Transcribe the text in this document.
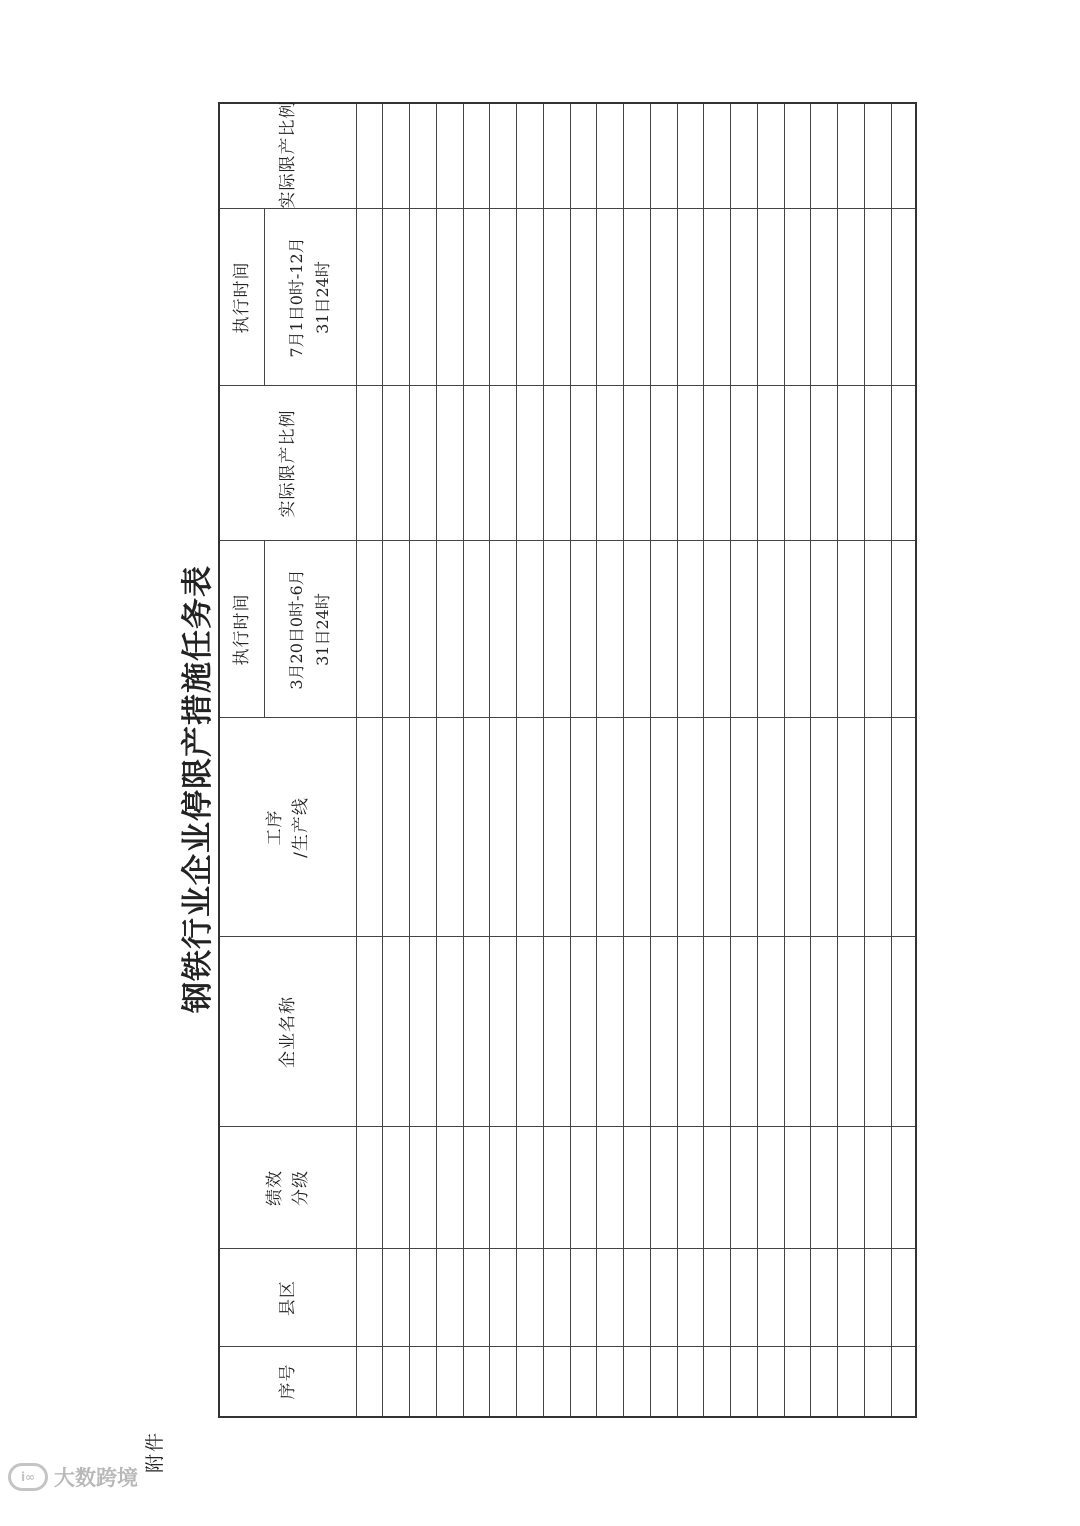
附件
钢铁行业企业停限产措施任务表
序号
县区
绩效 分级
企业名称
工序 /生产线
执行时间 3月20日0时-6月 31日24时
实际限产比例
执行时间 7月1日0时-12月 31日24时
实际限产比例
i∞ 大数跨境
